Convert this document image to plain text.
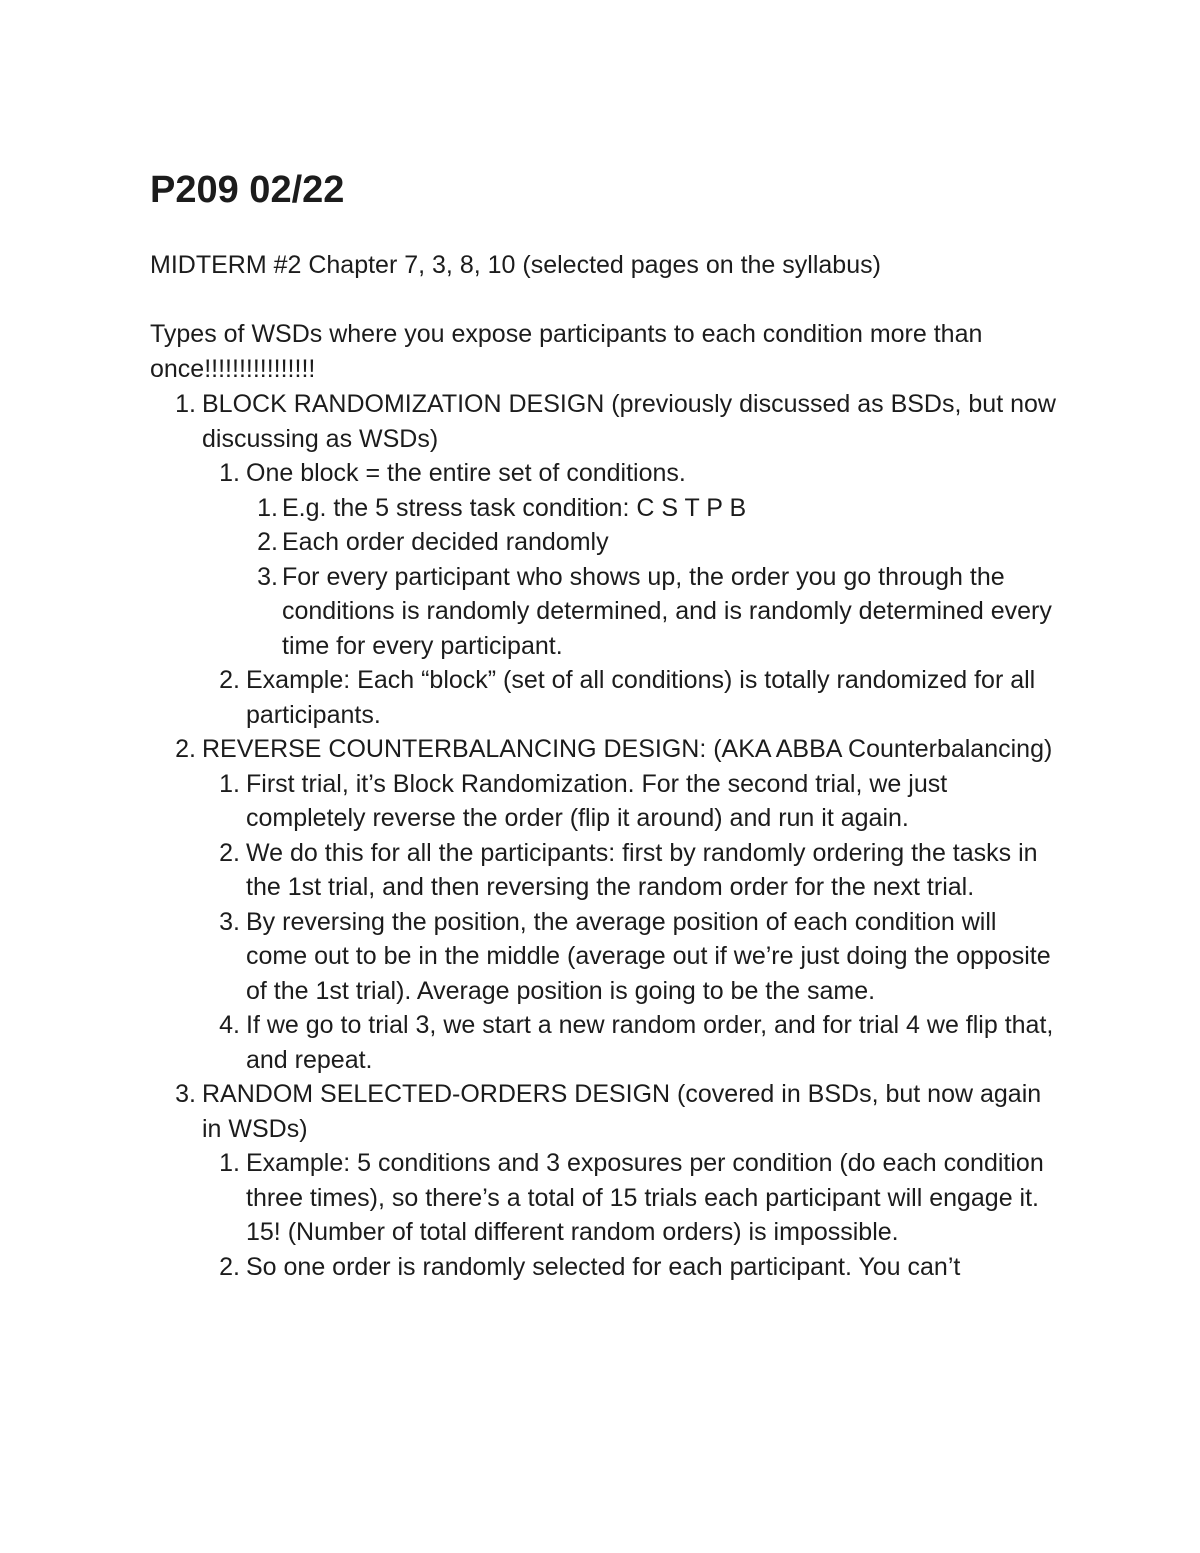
P209 02/22

MIDTERM #2 Chapter 7, 3, 8, 10 (selected pages on the syllabus)

Types of WSDs where you expose participants to each condition more than once!!!!!!!!!!!!!!!!

1. BLOCK RANDOMIZATION DESIGN (previously discussed as BSDs, but now discussing as WSDs)
1. One block = the entire set of conditions.
1. E.g. the 5 stress task condition: C S T P B
2. Each order decided randomly
3. For every participant who shows up, the order you go through the conditions is randomly determined, and is randomly determined every time for every participant.
2. Example: Each “block” (set of all conditions) is totally randomized for all participants.
2. REVERSE COUNTERBALANCING DESIGN: (AKA ABBA Counterbalancing)
1. First trial, it’s Block Randomization. For the second trial, we just completely reverse the order (flip it around) and run it again.
2. We do this for all the participants: first by randomly ordering the tasks in the 1st trial, and then reversing the random order for the next trial.
3. By reversing the position, the average position of each condition will come out to be in the middle (average out if we’re just doing the opposite of the 1st trial). Average position is going to be the same.
4. If we go to trial 3, we start a new random order, and for trial 4 we flip that, and repeat.
3. RANDOM SELECTED-ORDERS DESIGN (covered in BSDs, but now again in WSDs)
1. Example: 5 conditions and 3 exposures per condition (do each condition three times), so there’s a total of 15 trials each participant will engage it. 15! (Number of total different random orders) is impossible.
2. So one order is randomly selected for each participant. You can’t
